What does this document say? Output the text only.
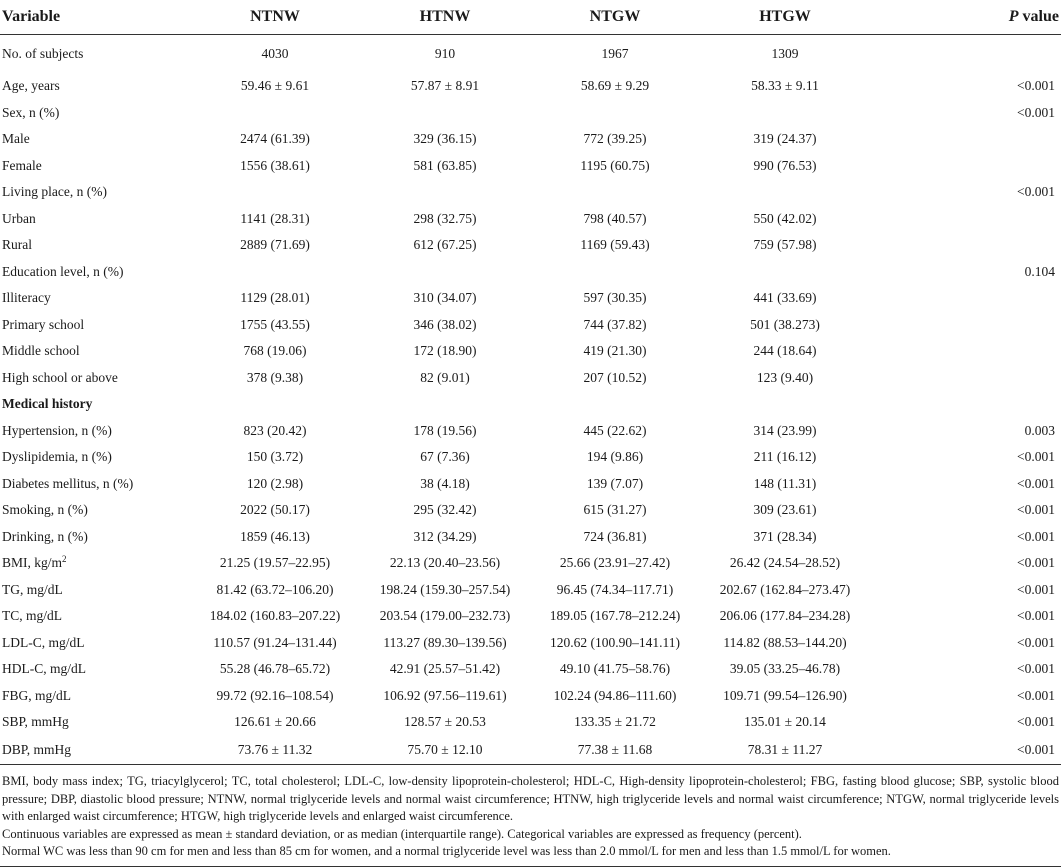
Variable	NTNW	HTNW	NTGW	HTGW	P value
No. of subjects	4030	910	1967	1309	
Age, years	59.46 ± 9.61	57.87 ± 8.91	58.69 ± 9.29	58.33 ± 9.11	<0.001
Sex, n (%)					<0.001
Male	2474 (61.39)	329 (36.15)	772 (39.25)	319 (24.37)	
Female	1556 (38.61)	581 (63.85)	1195 (60.75)	990 (76.53)	
Living place, n (%)					<0.001
Urban	1141 (28.31)	298 (32.75)	798 (40.57)	550 (42.02)	
Rural	2889 (71.69)	612 (67.25)	1169 (59.43)	759 (57.98)	
Education level, n (%)					0.104
Illiteracy	1129 (28.01)	310 (34.07)	597 (30.35)	441 (33.69)	
Primary school	1755 (43.55)	346 (38.02)	744 (37.82)	501 (38.273)	
Middle school	768 (19.06)	172 (18.90)	419 (21.30)	244 (18.64)	
High school or above	378 (9.38)	82 (9.01)	207 (10.52)	123 (9.40)	
Medical history					
Hypertension, n (%)	823 (20.42)	178 (19.56)	445 (22.62)	314 (23.99)	0.003
Dyslipidemia, n (%)	150 (3.72)	67 (7.36)	194 (9.86)	211 (16.12)	<0.001
Diabetes mellitus, n (%)	120 (2.98)	38 (4.18)	139 (7.07)	148 (11.31)	<0.001
Smoking, n (%)	2022 (50.17)	295 (32.42)	615 (31.27)	309 (23.61)	<0.001
Drinking, n (%)	1859 (46.13)	312 (34.29)	724 (36.81)	371 (28.34)	<0.001
BMI, $kg/m^2$	21.25 (19.57–22.95)	22.13 (20.40–23.56)	25.66 (23.91–27.42)	26.42 (24.54–28.52)	<0.001
TG, mg/dL	81.42 (63.72–106.20)	198.24 (159.30–257.54)	96.45 (74.34–117.71)	202.67 (162.84–273.47)	<0.001
TC, mg/dL	184.02 (160.83–207.22)	203.54 (179.00–232.73)	189.05 (167.78–212.24)	206.06 (177.84–234.28)	<0.001
LDL-C, mg/dL	110.57 (91.24–131.44)	113.27 (89.30–139.56)	120.62 (100.90–141.11)	114.82 (88.53–144.20)	<0.001
HDL-C, mg/dL	55.28 (46.78–65.72)	42.91 (25.57–51.42)	49.10 (41.75–58.76)	39.05 (33.25–46.78)	<0.001
FBG, mg/dL	99.72 (92.16–108.54)	106.92 (97.56–119.61)	102.24 (94.86–111.60)	109.71 (99.54–126.90)	<0.001
SBP, mmHg	126.61 ± 20.66	128.57 ± 20.53	133.35 ± 21.72	135.01 ± 20.14	<0.001
DBP, mmHg	73.76 ± 11.32	75.70 ± 12.10	77.38 ± 11.68	78.31 ± 11.27	<0.001

BMI, body mass index; TG, triacylglycerol; TC, total cholesterol; LDL-C, low-density lipoprotein-cholesterol; HDL-C, High-density lipoprotein-cholesterol; FBG, fasting blood glucose; SBP, systolic blood pressure; DBP, diastolic blood pressure; NTNW, normal triglyceride levels and normal waist circumference; HTNW, high triglyceride levels and normal waist circumference; NTGW, normal triglyceride levels with enlarged waist circumference; HTGW, high triglyceride levels and enlarged waist circumference.

Continuous variables are expressed as mean ± standard deviation, or as median (interquartile range). Categorical variables are expressed as frequency (percent).

Normal WC was less than 90 cm for men and less than 85 cm for women, and a normal triglyceride level was less than 2.0 mmol/L for men and less than 1.5 mmol/L for women.
